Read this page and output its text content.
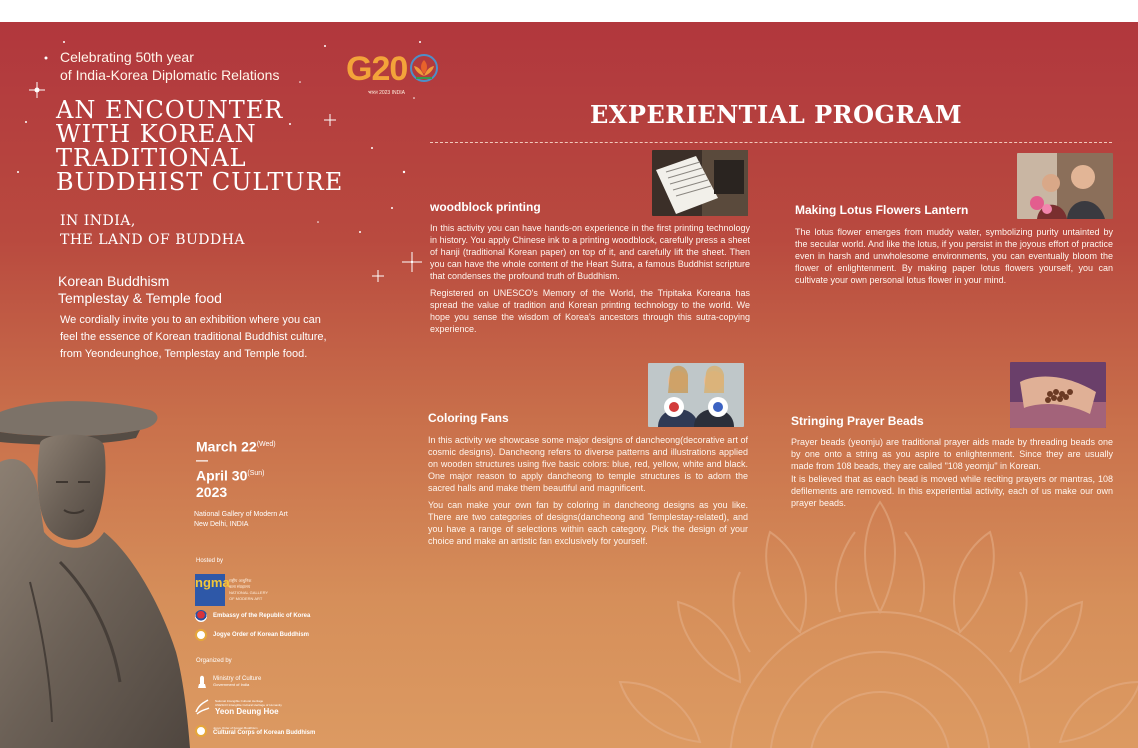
Celebrating 50th year
of India-Korea Diplomatic Relations G20
भारत 2023 INDIA
AN ENCOUNTER
WITH KOREAN
TRADITIONAL
BUDDHIST CULTURE
IN INDIA,
THE LAND OF BUDDHA
Korean Buddhism
Templestay & Temple food
We cordially invite you to an exhibition where you can feel the essence of Korean traditional Buddhist culture, from Yeondeunghoe, Templestay and Temple food.
March $22^{(Wed)}$
—
April $30^{(Sun)}$
2023
National Gallery of Modern Art
New Delhi, INDIA
Hosted by
ngma राष्ट्रीय आधुनिक
कला संग्रहालय
NATIONAL GALLERY
OF MODERN ART
Embassy of the Republic of Korea
Jogye Order of Korean Buddhism
Organized by
Ministry of Culture
Government of India
National Intangible Cultural Heritage
UNESCO Intangible Cultural Heritage of Humanity
Yeon Deung Hoe
Jogye Order of Korean Buddhism
Cultural Corps of Korean Buddhism
EXPERIENTIAL PROGRAM
woodblock printing

In this activity you can have hands-on experience in the first printing technology in history. You apply Chinese ink to a printing woodblock, carefully press a sheet of hanji (traditional Korean paper) on top of it, and carefully lift the sheet. Then you can have the whole content of the Heart Sutra, a famous Buddhist scripture that condenses the profound truth of Buddhism.

Registered on UNESCO's Memory of the World, the Tripitaka Koreana has spread the value of tradition and Korean printing technology to the world. We hope you sense the wisdom of Korea's ancestors through this sutra-copying experience.

Making Lotus Flowers Lantern

The lotus flower emerges from muddy water, symbolizing purity untainted by the secular world. And like the lotus, if you persist in the joyous effort of practice even in harsh and unwholesome environments, you can eventually bloom the flower of enlightenment. By making paper lotus flowers yourself, you can cultivate your own personal lotus flower in your mind.

Coloring Fans

In this activity we showcase some major designs of dancheong(decorative art of cosmic designs). Dancheong refers to diverse patterns and illustrations applied on wooden structures using five basic colors: blue, red, yellow, white and black. One major reason to apply dancheong to temple structures is to adorn the sacred halls and make them beautiful and magnificent.

You can make your own fan by coloring in dancheong designs as you like. There are two categories of designs(dancheong and Templestay-related), and you have a range of selections within each category. Pick the design of your choice and make an artistic fan exclusively for yourself.

Stringing Prayer Beads

Prayer beads (yeomju) are traditional prayer aids made by threading beads one by one onto a string as you aspire to enlightenment. Since they are usually made from 108 beads, they are called "108 yeomju" in Korean.

It is believed that as each bead is moved while reciting prayers or mantras, 108 defilements are removed. In this experiential activity, each of us make our own prayer beads.
